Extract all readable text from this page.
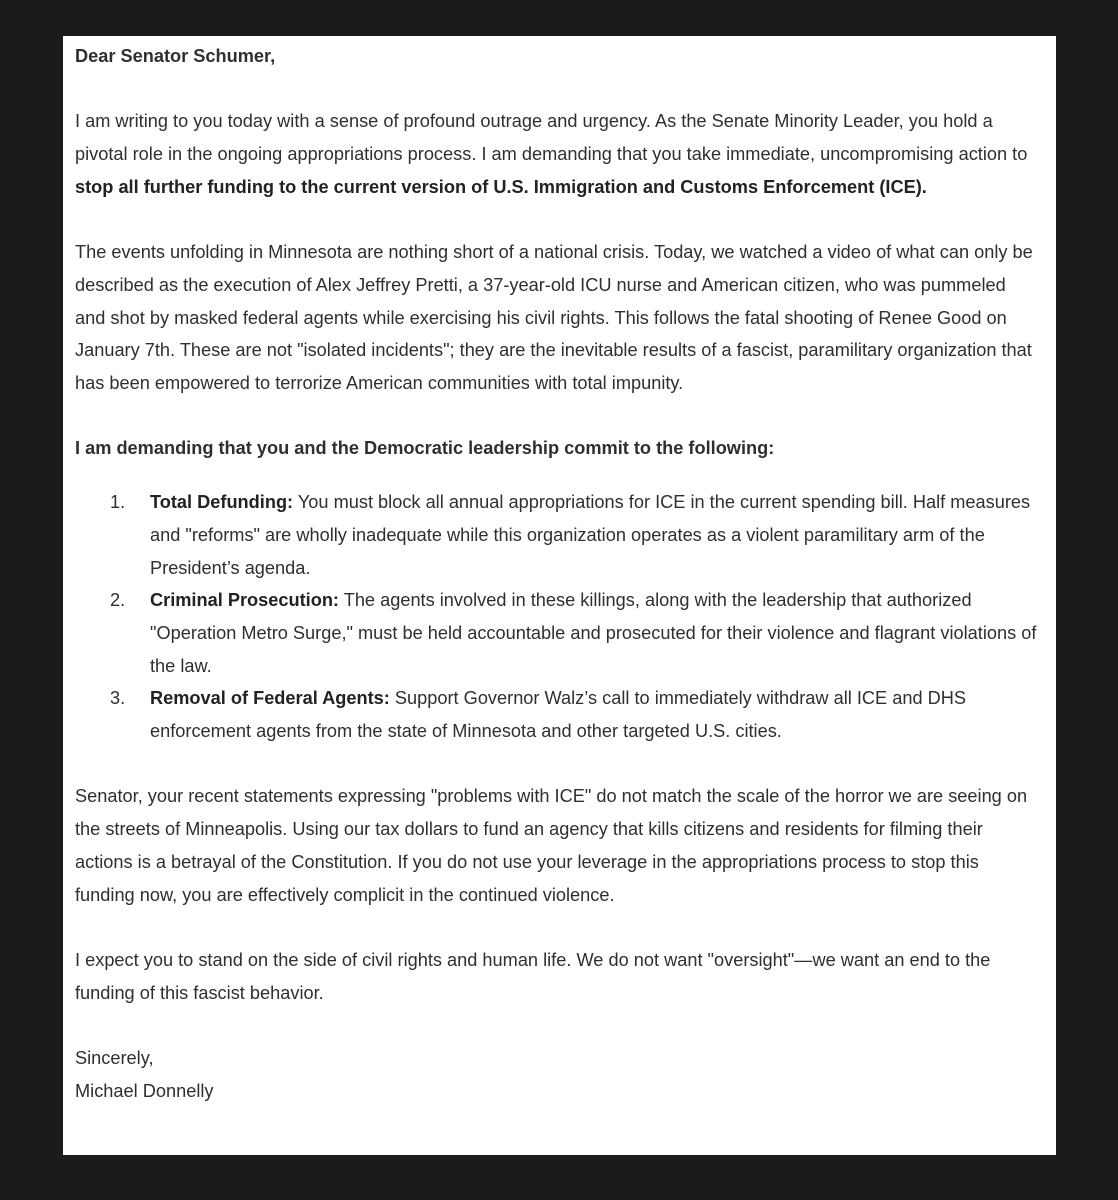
Dear Senator Schumer,

I am writing to you today with a sense of profound outrage and urgency. As the Senate Minority Leader, you hold a pivotal role in the ongoing appropriations process. I am demanding that you take immediate, uncompromising action to stop all further funding to the current version of U.S. Immigration and Customs Enforcement (ICE).

The events unfolding in Minnesota are nothing short of a national crisis. Today, we watched a video of what can only be described as the execution of Alex Jeffrey Pretti, a 37-year-old ICU nurse and American citizen, who was pummeled and shot by masked federal agents while exercising his civil rights. This follows the fatal shooting of Renee Good on January 7th. These are not "isolated incidents"; they are the inevitable results of a fascist, paramilitary organization that has been empowered to terrorize American communities with total impunity.

I am demanding that you and the Democratic leadership commit to the following:

1. Total Defunding: You must block all annual appropriations for ICE in the current spending bill. Half measures and "reforms" are wholly inadequate while this organization operates as a violent paramilitary arm of the President’s agenda.
2. Criminal Prosecution: The agents involved in these killings, along with the leadership that authorized "Operation Metro Surge," must be held accountable and prosecuted for their violence and flagrant violations of the law.
3. Removal of Federal Agents: Support Governor Walz’s call to immediately withdraw all ICE and DHS enforcement agents from the state of Minnesota and other targeted U.S. cities.

Senator, your recent statements expressing "problems with ICE" do not match the scale of the horror we are seeing on the streets of Minneapolis. Using our tax dollars to fund an agency that kills citizens and residents for filming their actions is a betrayal of the Constitution. If you do not use your leverage in the appropriations process to stop this funding now, you are effectively complicit in the continued violence.

I expect you to stand on the side of civil rights and human life. We do not want "oversight"—we want an end to the funding of this fascist behavior.

Sincerely,

Michael Donnelly
